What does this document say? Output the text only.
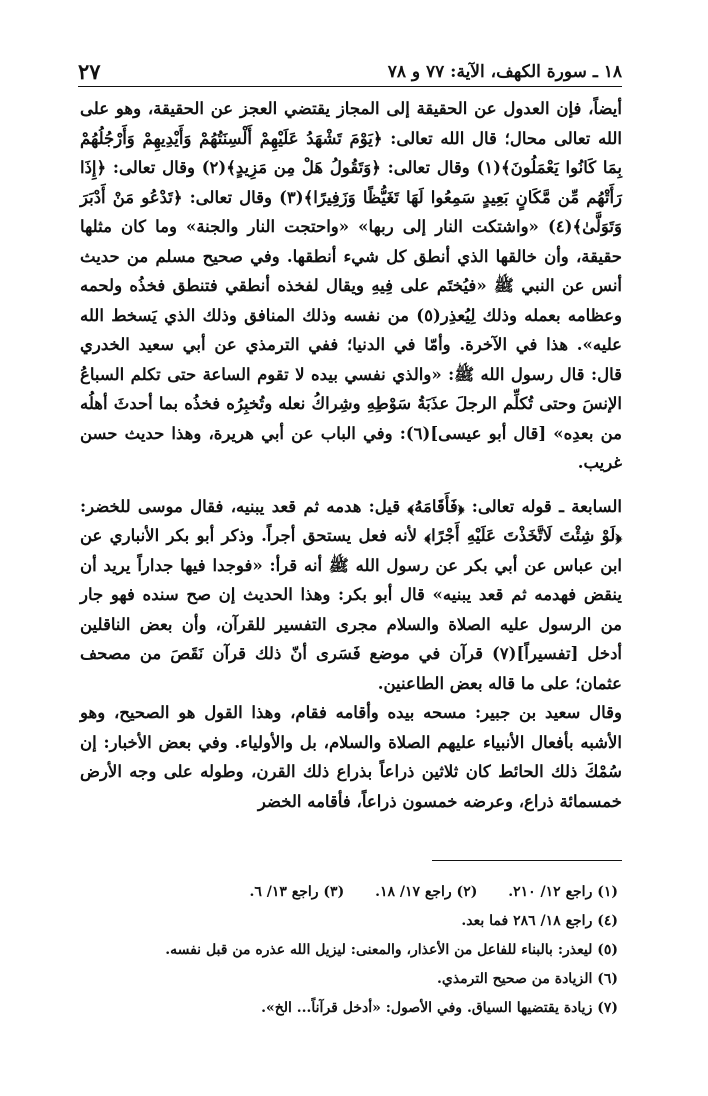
١٨ ـ سورة الكهف، الآية: ٧٧ و ٧٨
٢٧

أيضاً، فإن العدول عن الحقيقة إلى المجاز يقتضي العجز عن الحقيقة، وهو على الله تعالى محال؛ قال الله تعالى: ﴿يَوْمَ تَشْهَدُ عَلَيْهِمْ أَلْسِنَتُهُمْ وَأَيْدِيهِمْ وَأَرْجُلُهُمْ بِمَا كَانُوا يَعْمَلُونَ﴾(١) وقال تعالى: ﴿وَتَقُولُ هَلْ مِن مَزِيدٍ﴾(٢) وقال تعالى: ﴿إِذَا رَأَتْهُم مِّن مَّكَانٍ بَعِيدٍ سَمِعُوا لَهَا تَغَيُّظًا وَزَفِيرًا﴾(٣) وقال تعالى: ﴿تَدْعُو مَنْ أَدْبَرَ وَتَوَلَّىٰ﴾(٤) «واشتكت النار إلى ربها» «واحتجت النار والجنة» وما كان مثلها حقيقة، وأن خالقها الذي أنطق كل شيء أنطقها. وفي صحيح مسلم من حديث أنس عن النبي ﷺ «فيُختَم على فِيهِ ويقال لفخذه أنطقي فتنطق فخذُه ولحمه وعظامه بعمله وذلك لِيُعذِر(٥) من نفسه وذلك المنافق وذلك الذي يَسخط الله عليه». هذا في الآخرة. وأمّا في الدنيا؛ ففي الترمذي عن أبي سعيد الخدري قال: قال رسول الله ﷺ: «والذي نفسي بيده لا تقوم الساعة حتى تكلم السباعُ الإنسَ وحتى تُكلِّم الرجلَ عذَبَةُ سَوْطِهِ وشِراكُ نعله وتُخبِرُه فخذُه بما أحدثَ أهلُه من بعدِه» [قال أبو عيسى](٦): وفي الباب عن أبي هريرة، وهذا حديث حسن غريب.

السابعة ـ قوله تعالى: ﴿فَأَقَامَهُ﴾ قيل: هدمه ثم قعد يبنيه، فقال موسى للخضر: ﴿لَوْ شِئْتَ لَاتَّخَذْتَ عَلَيْهِ أَجْرًا﴾ لأنه فعل يستحق أجراً. وذكر أبو بكر الأنباري عن ابن عباس عن أبي بكر عن رسول الله ﷺ أنه قرأ: «فوجدا فيها جداراً يريد أن ينقض فهدمه ثم قعد يبنيه» قال أبو بكر: وهذا الحديث إن صح سنده فهو جار من الرسول عليه الصلاة والسلام مجرى التفسير للقرآن، وأن بعض الناقلين أدخل [تفسيراً](٧) قرآن في موضع فَسَرى أنّ ذلك قرآن نَقَصَ من مصحف عثمان؛ على ما قاله بعض الطاعنين.

وقال سعيد بن جبير: مسحه بيده وأقامه فقام، وهذا القول هو الصحيح، وهو الأشبه بأفعال الأنبياء عليهم الصلاة والسلام، بل والأولياء. وفي بعض الأخبار: إن سُمْكَ ذلك الحائط كان ثلاثين ذراعاً بذراع ذلك القرن، وطوله على وجه الأرض خمسمائة ذراع، وعرضه خمسون ذراعاً، فأقامه الخضر

(١) راجع ١٢/ ٢١٠. (٢) راجع ١٧/ ١٨. (٣) راجع ١٣/ ٦.
(٤) راجع ١٨/ ٢٨٦ فما بعد.
(٥) ليعذر: بالبناء للفاعل من الأعذار، والمعنى: ليزيل الله عذره من قبل نفسه.
(٦) الزيادة من صحيح الترمذي.
(٧) زيادة يقتضيها السياق. وفي الأصول: «أدخل قرآناً... الخ».
